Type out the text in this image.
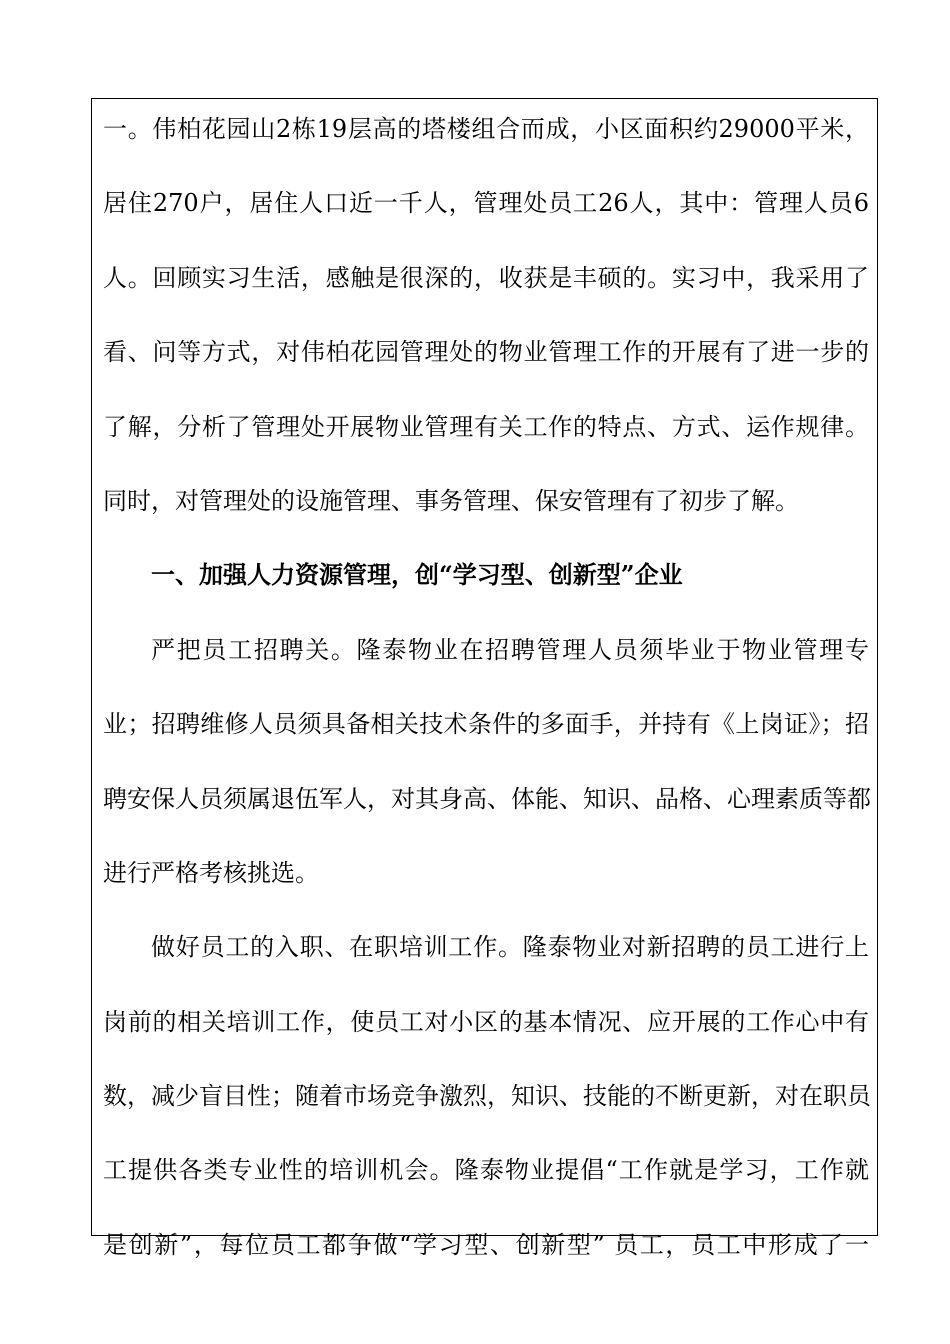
一。伟柏花园山2栋19层高的塔楼组合而成，小区面积约29000平米，
居住270户，居住人口近一千人，管理处员工26人，其中：管理人员6
人。回顾实习生活，感触是很深的，收获是丰硕的。实习中，我采用了
看、问等方式，对伟柏花园管理处的物业管理工作的开展有了进一步的
了解，分析了管理处开展物业管理有关工作的特点、方式、运作规律。
同时，对管理处的设施管理、事务管理、保安管理有了初步了解。
一、加强人力资源管理，创“学习型、创新型”企业
严把员工招聘关。隆泰物业在招聘管理人员须毕业于物业管理专
业；招聘维修人员须具备相关技术条件的多面手，并持有《上岗证》；招
聘安保人员须属退伍军人，对其身高、体能、知识、品格、心理素质等都
进行严格考核挑选。
做好员工的入职、在职培训工作。隆泰物业对新招聘的员工进行上
岗前的相关培训工作，使员工对小区的基本情况、应开展的工作心中有
数，减少盲目性；随着市场竞争激烈，知识、技能的不断更新，对在职员
工提供各类专业性的培训机会。隆泰物业提倡“工作就是学习，工作就
是创新”，每位员工都争做“学习型、创新型” 员工，员工中形成了一
